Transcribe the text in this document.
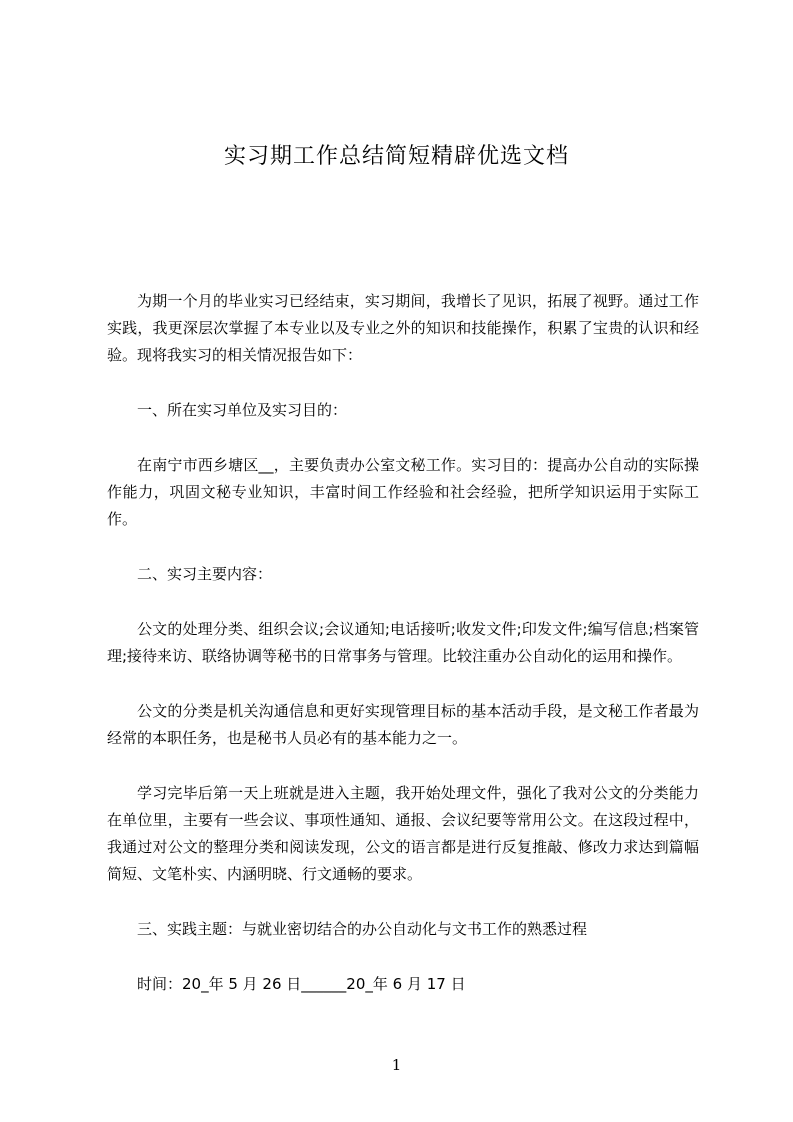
实习期工作总结简短精辟优选文档

为期一个月的毕业实习已经结束，实习期间，我增长了见识，拓展了视野。通过工作实践，我更深层次掌握了本专业以及专业之外的知识和技能操作，积累了宝贵的认识和经验。现将我实习的相关情况报告如下：

一、所在实习单位及实习目的：

在南宁市西乡塘区__，主要负责办公室文秘工作。实习目的：提高办公自动的实际操作能力，巩固文秘专业知识，丰富时间工作经验和社会经验，把所学知识运用于实际工作。

二、实习主要内容：

公文的处理分类、组织会议;会议通知;电话接听;收发文件;印发文件;编写信息;档案管理;接待来访、联络协调等秘书的日常事务与管理。比较注重办公自动化的运用和操作。

公文的分类是机关沟通信息和更好实现管理目标的基本活动手段，是文秘工作者最为经常的本职任务，也是秘书人员必有的基本能力之一。

学习完毕后第一天上班就是进入主题，我开始处理文件，强化了我对公文的分类能力在单位里，主要有一些会议、事项性通知、通报、会议纪要等常用公文。在这段过程中，我通过对公文的整理分类和阅读发现，公文的语言都是进行反复推敲、修改力求达到篇幅简短、文笔朴实、内涵明晓、行文通畅的要求。

三、实践主题：与就业密切结合的办公自动化与文书工作的熟悉过程

时间：20_年 5 月 26 日______20_年 6 月 17 日

1
